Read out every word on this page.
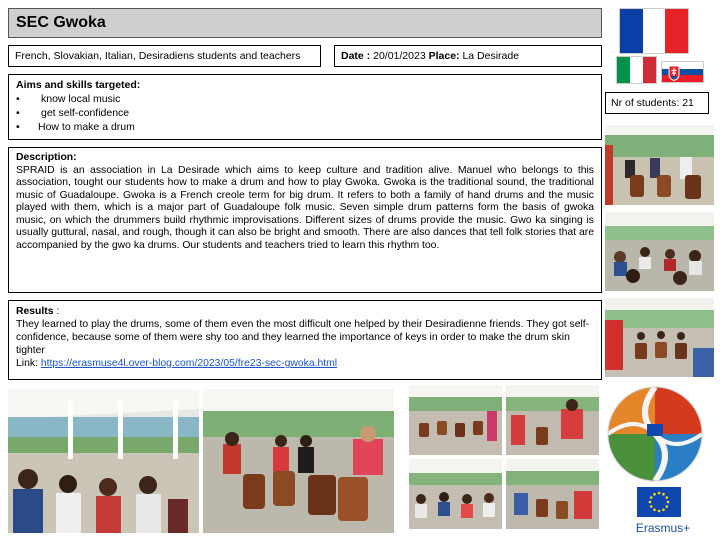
SEC Gwoka
French, Slovakian, Italian, Desiradiens students and teachers	Date : 20/01/2023 Place: La Desirade
Aims and skills targeted:
•	know local music
•	get self-confidence
•	How to make a drum
Nr of students: 21
Description:
SPRAID is an association in La Desirade which aims to keep culture and tradition alive. Manuel who belongs to this association, tought our students how to make a drum and how to play Gwoka. Gwoka is the traditional sound, the traditional music of Guadaloupe. Gwoka is a French creole term for big drum. It refers to both a family of hand drums and the music played with them, which is a major part of Guadaloupe folk music. Seven simple drum patterns form the basis of gwoka music, on which the drummers build rhythmic improvisations. Different sizes of drums provide the music. Gwo ka singing is usually guttural, nasal, and rough, though it can also be bright and smooth. There are also dances that tell folk stories that are accompanied by the gwo ka drums. Our students and teachers tried to learn this rhythm too.
Results :
They learned to play the drums, some of them even the most difficult one helped by their Desiradienne friends. They got self- confidence, because some of them were shy too and they learned the importance of keys in order to make the drum skin tighter
Link: https://erasmuse4l.over-blog.com/2023/05/fre23-sec-gwoka.html
Erasmus+
